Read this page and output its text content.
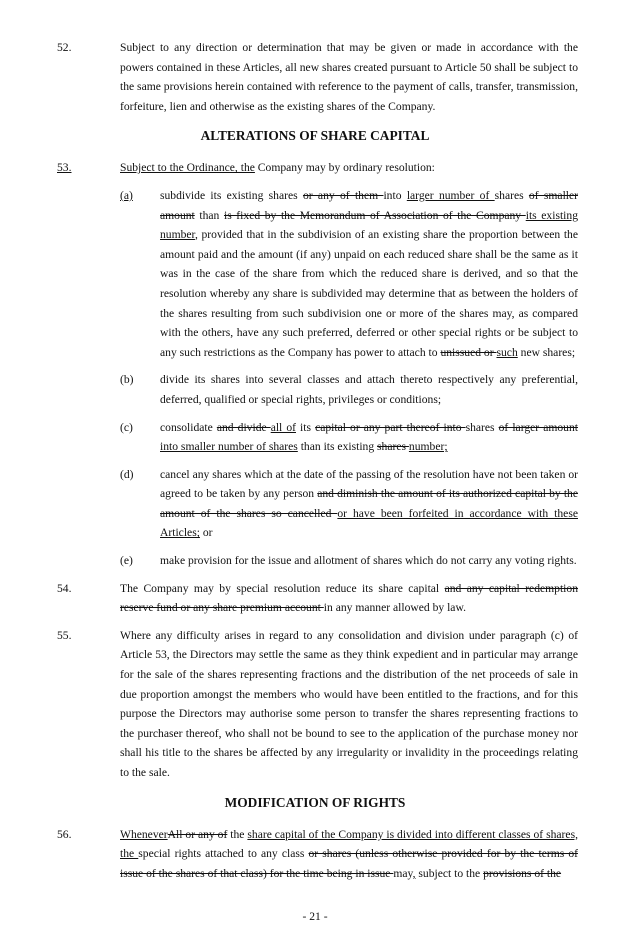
52.	Subject to any direction or determination that may be given or made in accordance with the powers contained in these Articles, all new shares created pursuant to Article 50 shall be subject to the same provisions herein contained with reference to the payment of calls, transfer, transmission, forfeiture, lien and otherwise as the existing shares of the Company.
ALTERATIONS OF SHARE CAPITAL
53.	Subject to the Ordinance, the Company may by ordinary resolution:
(a) subdivide its existing shares or any of them into larger number of shares of smaller amount than is fixed by the Memorandum of Association of the Company its existing number, provided that in the subdivision of an existing share the proportion between the amount paid and the amount (if any) unpaid on each reduced share shall be the same as it was in the case of the share from which the reduced share is derived, and so that the resolution whereby any share is subdivided may determine that as between the holders of the shares resulting from such subdivision one or more of the shares may, as compared with the others, have any such preferred, deferred or other special rights or be subject to any such restrictions as the Company has power to attach to unissued or such new shares;
(b) divide its shares into several classes and attach thereto respectively any preferential, deferred, qualified or special rights, privileges or conditions;
(c) consolidate and divide all of its capital or any part thereof into shares of larger amount into smaller number of shares than its existing shares number;
(d) cancel any shares which at the date of the passing of the resolution have not been taken or agreed to be taken by any person and diminish the amount of its authorized capital by the amount of the shares so cancelled or have been forfeited in accordance with these Articles; or
(e) make provision for the issue and allotment of shares which do not carry any voting rights.
54.	The Company may by special resolution reduce its share capital and any capital redemption reserve fund or any share premium account in any manner allowed by law.
55.	Where any difficulty arises in regard to any consolidation and division under paragraph (c) of Article 53, the Directors may settle the same as they think expedient and in particular may arrange for the sale of the shares representing fractions and the distribution of the net proceeds of sale in due proportion amongst the members who would have been entitled to the fractions, and for this purpose the Directors may authorise some person to transfer the shares representing fractions to the purchaser thereof, who shall not be bound to see to the application of the purchase money nor shall his title to the shares be affected by any irregularity or invalidity in the proceedings relating to the sale.
MODIFICATION OF RIGHTS
56.	WheneverAll or any of the share capital of the Company is divided into different classes of shares, the special rights attached to any class or shares (unless otherwise provided for by the terms of issue of the shares of that class) for the time being in issue may, subject to the provisions of the
- 21 -
